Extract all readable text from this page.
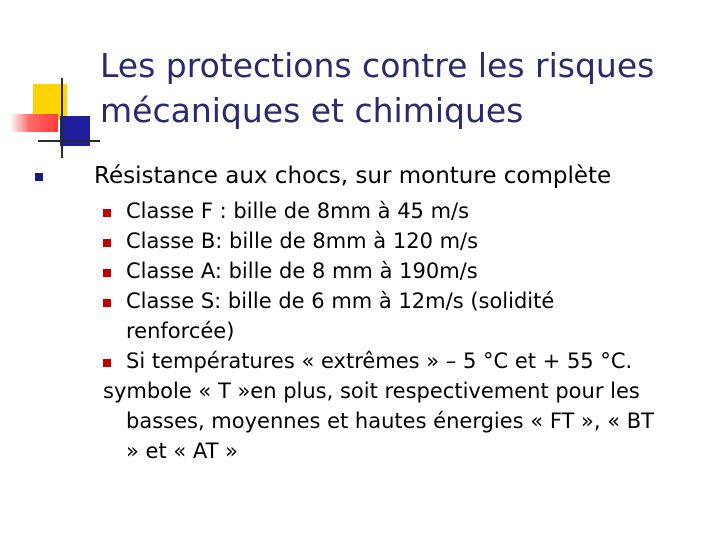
Les protections contre les risques
mécaniques et chimiques
Résistance aux chocs, sur monture complète
Classe F : bille de 8mm à 45 m/s
Classe B: bille de 8mm à 120 m/s
Classe A: bille de 8 mm à 190m/s
Classe S: bille de 6 mm à 12m/s (solidité
renforcée)
Si températures « extrêmes » – 5 °C et + 55 °C.
symbole « T »en plus, soit respectivement pour les
basses, moyennes et hautes énergies « FT », « BT
» et « AT »
